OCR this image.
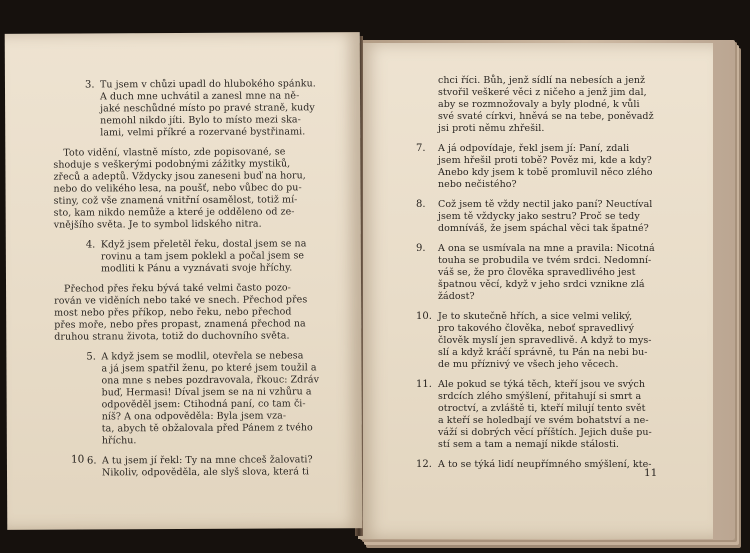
chci říci. Bůh, jenž sídlí na nebesích a jenž
stvořil veškeré věci z ničeho a jenž jim dal,
aby se rozmnožovaly a byly plodné, k vůli
své svaté církvi, hněvá se na tebe, poněvadž
jsi proti němu zhřešil.
7. A já odpovídaje, řekl jsem jí: Paní, zdali
jsem hřešil proti tobě? Pověz mi, kde a kdy?
Anebo kdy jsem k tobě promluvil něco zlého
nebo nečistého?
8. Což jsem tě vždy nectil jako paní? Neuctíval
jsem tě vždycky jako sestru? Proč se tedy
domníváš, že jsem spáchal věci tak špatné?
9. A ona se usmívala na mne a pravila: Nicotná
touha se probudila ve tvém srdci. Nedomní-
váš se, že pro člověka spravedlivého jest
špatnou věcí, když v jeho srdci vznikne zlá
žádost?
10. Je to skutečně hřích, a sice velmi veliký,
pro takového člověka, neboť spravedlivý
člověk myslí jen spravedlivě. A když to mys-
slí a když kráčí správně, tu Pán na nebi bu-
de mu příznivý ve všech jeho věcech.
11. Ale pokud se týká těch, kteří jsou ve svých
srdcích zlého smýšlení, přitahují si smrt a
otroctví, a zvláště ti, kteří milují tento svět
a kteří se holedbají ve svém bohatství a ne-
váží si dobrých věcí příštích. Jejich duše pu-
stí sem a tam a nemají nikde stálosti.
12. A to se týká lidí neupřímného smýšlení, kte-
11
3. Tu jsem v chůzi upadl do hlubokého spánku.
A duch mne uchvátil a zanesl mne na ně-
jaké neschůdné místo po pravé straně, kudy
nemohl nikdo jíti. Bylo to místo mezi ska-
lami, velmi příkré a rozervané bystřinami.
Toto vidění, vlastně místo, zde popisované, se
shoduje s veškerými podobnými zážitky mystiků,
zřeců a adeptů. Vždycky jsou zaneseni buď na horu,
nebo do velikého lesa, na poušť, nebo vůbec do pu-
stiny, což vše znamená vnitřní osamělost, totiž mí-
sto, kam nikdo nemůže a které je odděleno od ze-
vnějšího světa. Je to symbol lidského nitra.
4. Když jsem přeletěl řeku, dostal jsem se na
rovinu a tam jsem poklekl a počal jsem se
modliti k Pánu a vyznávati svoje hříchy.
Přechod přes řeku bývá také velmi často pozo-
rován ve viděních nebo také ve snech. Přechod přes
most nebo přes příkop, nebo řeku, nebo přechod
přes moře, nebo přes propast, znamená přechod na
druhou stranu života, totiž do duchovního světa.
5. A když jsem se modlil, otevřela se nebesa
a já jsem spatřil ženu, po které jsem toužil a
ona mne s nebes pozdravovala, řkouc: Zdráv
buď, Hermasi! Díval jsem se na ni vzhůru a
odpověděl jsem: Ctihodná paní, co tam či-
níš? A ona odpověděla: Byla jsem vza-
ta, abych tě obžalovala před Pánem z tvého
hříchu.
6. A tu jsem jí řekl: Ty na mne chceš žalovati?
Nikoliv, odpověděla, ale slyš slova, která ti
10
